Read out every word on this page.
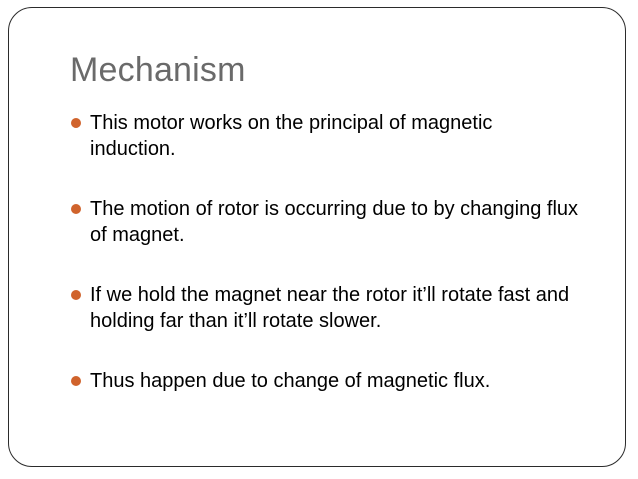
Mechanism
This motor works on the principal of magnetic induction.
The motion of rotor is occurring due to by changing flux of magnet.
If we hold the magnet near the rotor it’ll rotate fast and holding far than it’ll rotate slower.
Thus happen due to change of magnetic flux.
